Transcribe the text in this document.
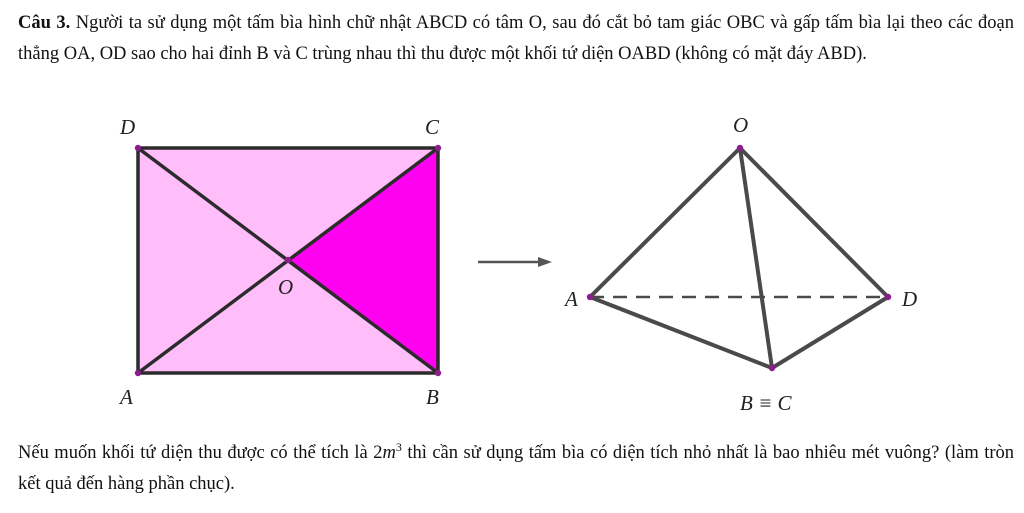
Câu 3. Người ta sử dụng một tấm bìa hình chữ nhật ABCD có tâm O, sau đó cắt bỏ tam giác OBC và gấp tấm bìa lại theo các đoạn thẳng OA, OD sao cho hai đỉnh B và C trùng nhau thì thu được một khối tứ diện OABD (không có mặt đáy ABD).
D	C
O
A	B
O
A	D
B ≡ C
Nếu muốn khối tứ diện thu được có thể tích là $2m^3$ thì cần sử dụng tấm bìa có diện tích nhỏ nhất là bao nhiêu mét vuông? (làm tròn kết quả đến hàng phần chục).
